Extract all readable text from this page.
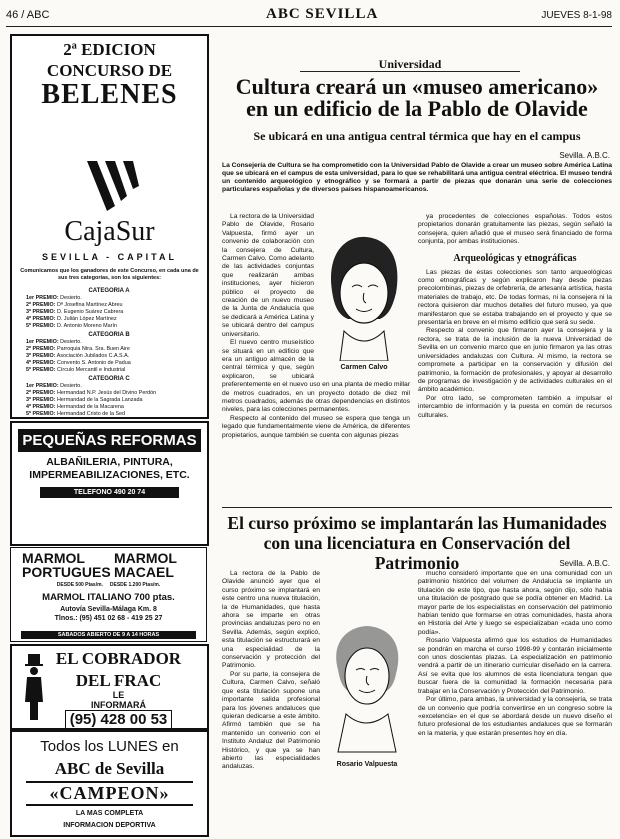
46 / ABC	ABC SEVILLA	JUEVES 8-1-98
2ª EDICION
CONCURSO DE
BELENES
CajaSur
SEVILLA - CAPITAL
Comunicamos que los ganadores de este Concurso, en cada una de sus tres categorías, son los siguientes:
CATEGORIA A
1er PREMIO: Desierto.
2º PREMIO: Dª Josefina Martínez Abreu
3º PREMIO: D. Eugenio Suárez Cabrera
4º PREMIO: D. Julián López Martínez
5º PREMIO: D. Antonio Moreno Marín
CATEGORIA B
1er PREMIO: Desierto.
2º PREMIO: Parroquia Ntra. Sra. Buen Aire
3º PREMIO: Asociación Jubilados C.A.S.A.
4º PREMIO: Convento S. Antonio de Padua
5º PREMIO: Círculo Mercantil e Industrial
CATEGORIA C
1er PREMIO: Desierto.
2º PREMIO: Hermandad N.P. Jesús del Divino Perdón
3º PREMIO: Hermandad de la Sagrada Lanzada
4º PREMIO: Hermandad de la Macarena
5º PREMIO: Hermandad Cristo de la Sed
PEQUEÑAS REFORMAS
ALBAÑILERIA, PINTURA,
IMPERMEABILIZACIONES, ETC.
TELEFONO 490 20 74
MARMOL PORTUGUES
MARMOL MACAEL
DESDE 500 Ptas/m. DESDE 1.200 Ptas/m.
MARMOL ITALIANO 700 ptas.
Autovía Sevilla-Málaga Km. 8
Tlnos.: (95) 451 02 68 - 419 25 27
SABADOS ABIERTO DE 9 A 14 HORAS
EL COBRADOR
DEL FRAC
LE
INFORMARÁ
(95) 428 00 53
Todos los LUNES en
ABC de Sevilla
«CAMPEON»
LA MAS COMPLETA
INFORMACION DEPORTIVA
Universidad
Cultura creará un «museo americano» en un edificio de la Pablo de Olavide
Se ubicará en una antigua central térmica que hay en el campus
Sevilla. A.B.C.
La Consejería de Cultura se ha comprometido con la Universidad Pablo de Olavide a crear un museo sobre América Latina que se ubicará en el campus de esta universidad, para lo que se rehabilitará una antigua central eléctrica. El museo tendrá un contenido arqueológico y etnográfico y se formará a partir de piezas que donarán una serie de colecciones particulares españolas y de diversos países hispanoamericanos.
Carmen Calvo

La rectora de la Universidad Pablo de Olavide, Rosario Valpuesta, firmó ayer un convenio de colaboración con la consejera de Cultura, Carmen Calvo. Como adelanto de las actividades conjuntas que realizarán ambas instituciones, ayer hicieron público el proyecto de creación de un nuevo museo de la Junta de Andalucía que se dedicará a América Latina y se ubicará dentro del campus universitario.

El nuevo centro museístico se situará en un edificio que era un antiguo almacén de la central térmica y que, según explicaron, se ubicará preferentemente en el nuevo uso en una planta de medio millar de metros cuadrados, en un proyecto dotado de diez mil metros cuadrados, además de otras dependencias en distintos niveles, para las colecciones permanentes.

Respecto al contenido del museo se espera que tenga un legado que fundamentalmente viene de América, de diferentes propietarios, aunque también se cuenta con algunas piezas

ya procedentes de colecciones españolas. Todos estos propietarios donarán gratuitamente las piezas, según señaló la consejera, quien añadió que el museo será financiado de forma conjunta, por ambas instituciones.

Arqueológicas y etnográficas

Las piezas de estas colecciones son tanto arqueológicas como etnográficas y según explicaron hay desde piezas precolombinas, piezas de orfebrería, de artesanía artística, hasta materiales de trabajo, etc. De todas formas, ni la consejera ni la rectora quisieron dar muchos detalles del futuro museo, ya que manifestaron que se estaba trabajando en el proyecto y que se presentaría en breve en el mismo edificio que será su sede.

Respecto al convenio que firmaron ayer la consejera y la rectora, se trata de la inclusión de la nueva Universidad de Sevilla en un convenio marco que en junio firmaron ya las otras universidades andaluzas con Cultura. Al mismo, la rectora se compromete a participar en la conservación y difusión del patrimonio, la formación de profesionales, y apoyar al desarrollo de programas de investigación y de actividades culturales en el ámbito académico.

Por otro lado, se comprometen también a impulsar el intercambio de información y la puesta en común de recursos culturales.

El curso próximo se implantarán las Humanidades con una licenciatura en Conservación del Patrimonio	Sevilla. A.B.C.
Rosario Valpuesta

La rectora de la Pablo de Olavide anunció ayer que el curso próximo se implantará en este centro una nueva titulación, la de Humanidades, que hasta ahora se imparte en otras provincias andaluzas pero no en Sevilla. Además, según explicó, esta titulación se estructurará en una especialidad de la conservación y protección del Patrimonio.

Por su parte, la consejera de Cultura, Carmen Calvo, señaló que esta titulación supone una importante salida profesional para los jóvenes andaluces que quieran dedicarse a este ámbito. Afirmó también que se ha mantenido un convenio con el Instituto Andaluz del Patrimonio Histórico, y que ya se han abierto las especialidades andaluzas.

mucho consideró importante que en una comunidad con un patrimonio histórico del volumen de Andalucía se implante un titulación de este tipo, que hasta ahora, según dijo, sólo había una titulación de postgrado que se podía obtener en Madrid. La mayor parte de los especialistas en conservación del patrimonio habían tenido que formarse en otras comunidades, hasta ahora en Historia del Arte y luego se especializaban «cada uno como podía».

Rosario Valpuesta afirmó que los estudios de Humanidades se pondrán en marcha el curso 1998-99 y contarán inicialmente con unos doscientas plazas. La especialización en patrimonio vendrá a partir de un itinerario curricular diseñado en la carrera. Así se evita que los alumnos de esta licenciatura tengan que buscar fuera de la comunidad la formación necesaria para trabajar en la Conservación y Protección del Patrimonio.

Por último, para ambas, la universidad y la consejería, se trata de un convenio que podría convertirse en un congreso sobre la «excelencia» en el que se abordará desde un nuevo diseño el futuro profesional de los estudiantes andaluces que se formarán en la materia, y que estarán presentes hoy en día.
